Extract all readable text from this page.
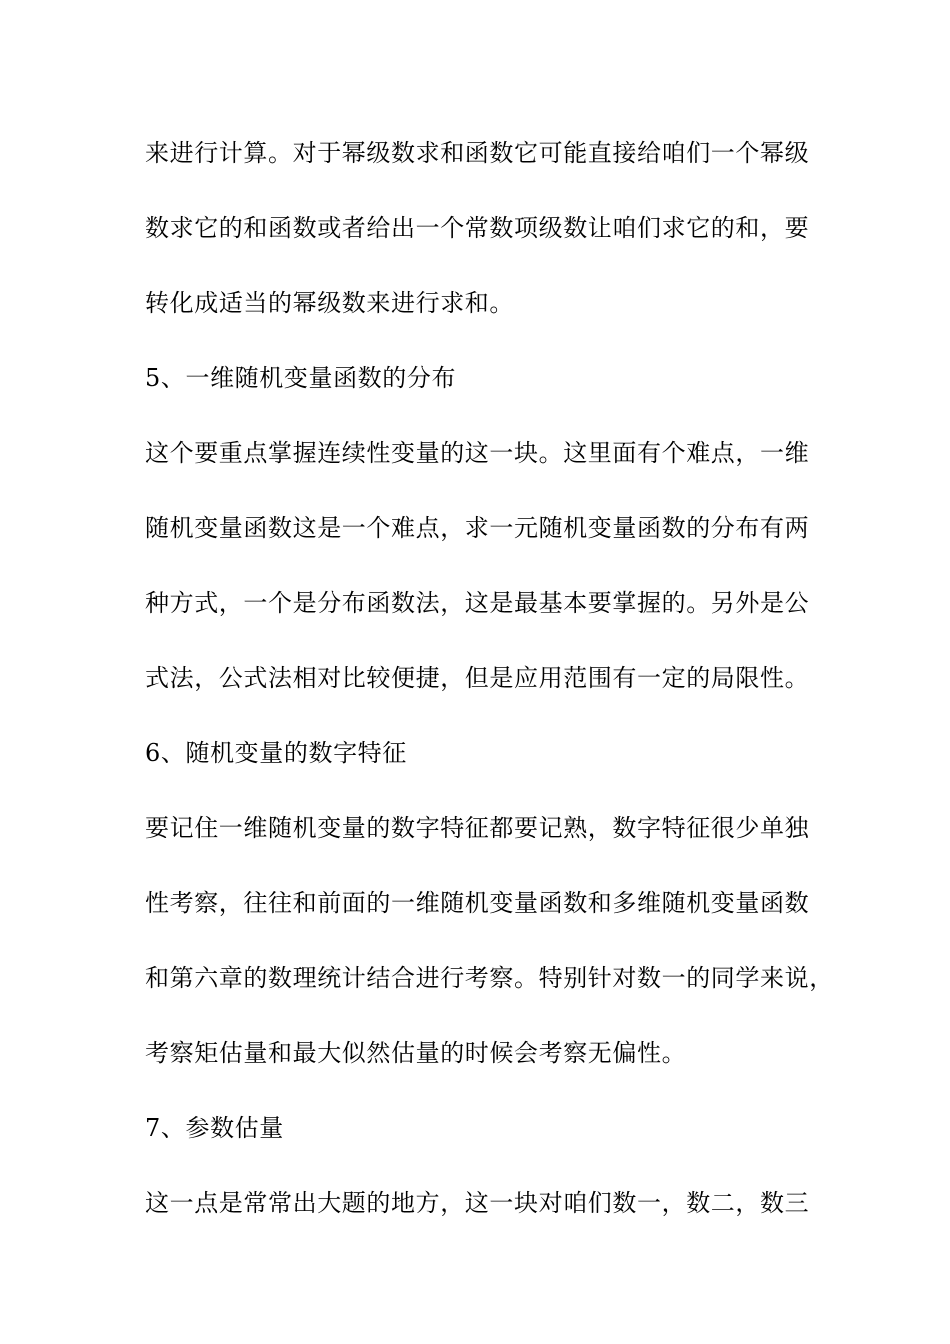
来进行计算。对于幂级数求和函数它可能直接给咱们一个幂级
数求它的和函数或者给出一个常数项级数让咱们求它的和，要
转化成适当的幂级数来进行求和。
5、一维随机变量函数的分布
这个要重点掌握连续性变量的这一块。这里面有个难点，一维
随机变量函数这是一个难点，求一元随机变量函数的分布有两
种方式，一个是分布函数法，这是最基本要掌握的。另外是公
式法，公式法相对比较便捷，但是应用范围有一定的局限性。
6、随机变量的数字特征
要记住一维随机变量的数字特征都要记熟，数字特征很少单独
性考察，往往和前面的一维随机变量函数和多维随机变量函数
和第六章的数理统计结合进行考察。特别针对数一的同学来说，
考察矩估量和最大似然估量的时候会考察无偏性。
7、参数估量
这一点是常常出大题的地方，这一块对咱们数一，数二，数三
